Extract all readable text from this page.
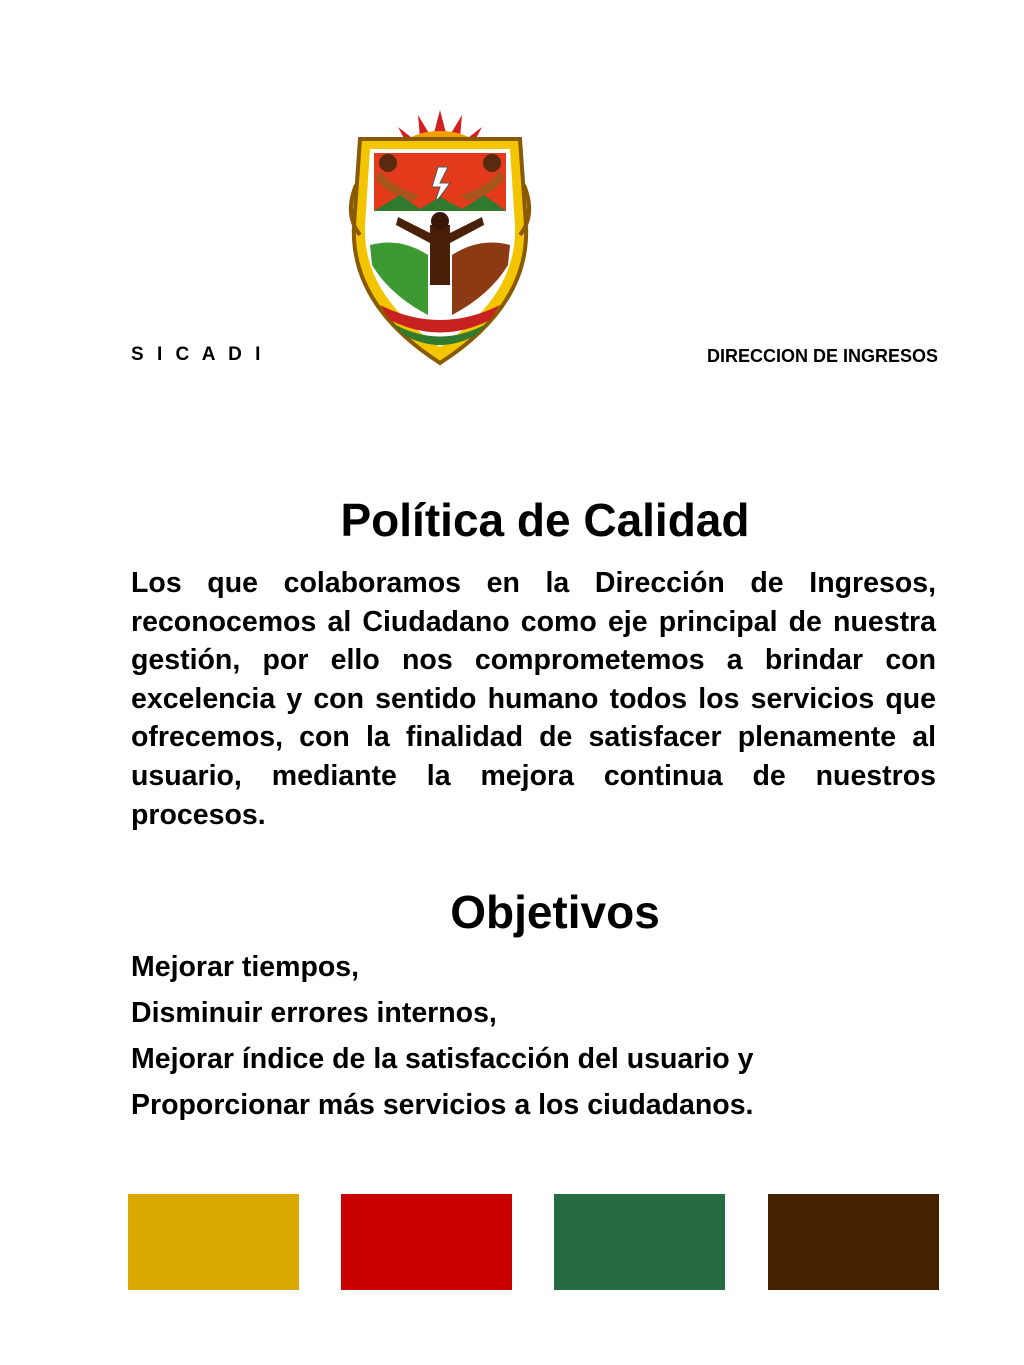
S I C A D I	DIRECCION DE INGRESOS
Política de Calidad
Los que colaboramos en la Dirección de Ingresos, reconocemos al Ciudadano como eje principal de nuestra gestión, por ello nos comprometemos a brindar con excelencia y con sentido humano todos los servicios que ofrecemos, con la finalidad de satisfacer plenamente al usuario, mediante la mejora continua de nuestros procesos.
Objetivos
Mejorar tiempos,
Disminuir errores internos,
Mejorar índice de la satisfacción del usuario y
Proporcionar más servicios a los ciudadanos.
